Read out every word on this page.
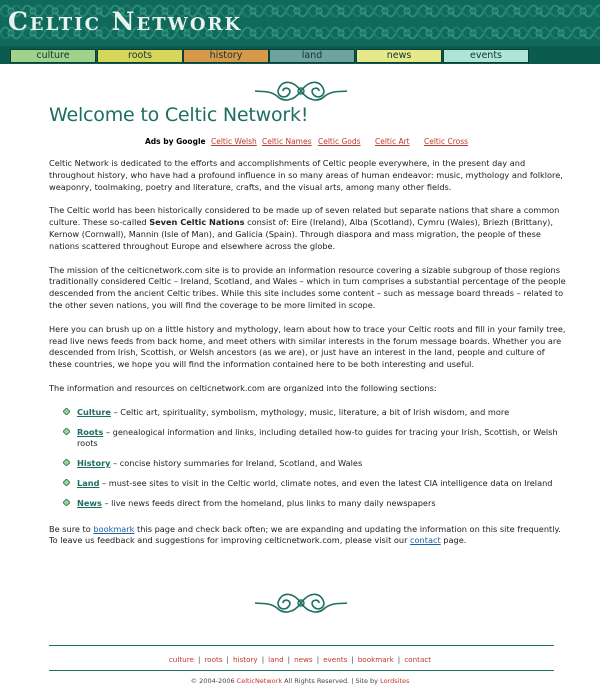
Celtic Network
culture	roots	history	land	news	events
Welcome to Celtic Network!
Ads by Google Celtic Welsh Celtic Names Celtic Gods Celtic Art Celtic Cross

Celtic Network is dedicated to the efforts and accomplishments of Celtic people everywhere, in the present day and throughout history, who have had a profound influence in so many areas of human endeavor: music, mythology and folklore, weaponry, toolmaking, poetry and literature, crafts, and the visual arts, among many other fields.

The Celtic world has been historically considered to be made up of seven related but separate nations that share a common culture. These so-called Seven Celtic Nations consist of: Eire (Ireland), Alba (Scotland), Cymru (Wales), Briezh (Brittany), Kernow (Cornwall), Mannin (Isle of Man), and Galicia (Spain). Through diaspora and mass migration, the people of these nations scattered throughout Europe and elsewhere across the globe.

The mission of the celticnetwork.com site is to provide an information resource covering a sizable subgroup of those regions traditionally considered Celtic – Ireland, Scotland, and Wales – which in turn comprises a substantial percentage of the people descended from the ancient Celtic tribes. While this site includes some content – such as message board threads – related to the other seven nations, you will find the coverage to be more limited in scope.

Here you can brush up on a little history and mythology, learn about how to trace your Celtic roots and fill in your family tree, read live news feeds from back home, and meet others with similar interests in the forum message boards. Whether you are descended from Irish, Scottish, or Welsh ancestors (as we are), or just have an interest in the land, people and culture of these countries, we hope you will find the information contained here to be both interesting and useful.

The information and resources on celticnetwork.com are organized into the following sections:

Culture – Celtic art, spirituality, symbolism, mythology, music, literature, a bit of Irish wisdom, and more
Roots – genealogical information and links, including detailed how-to guides for tracing your Irish, Scottish, or Welsh roots
History – concise history summaries for Ireland, Scotland, and Wales
Land – must-see sites to visit in the Celtic world, climate notes, and even the latest CIA intelligence data on Ireland
News – live news feeds direct from the homeland, plus links to many daily newspapers

Be sure to bookmark this page and check back often; we are expanding and updating the information on this site frequently. To leave us feedback and suggestions for improving celticnetwork.com, please visit our contact page.

culture | roots | history | land | news | events | bookmark | contact
© 2004-2006 CelticNetwork All Rights Reserved. | Site by Lordsites
